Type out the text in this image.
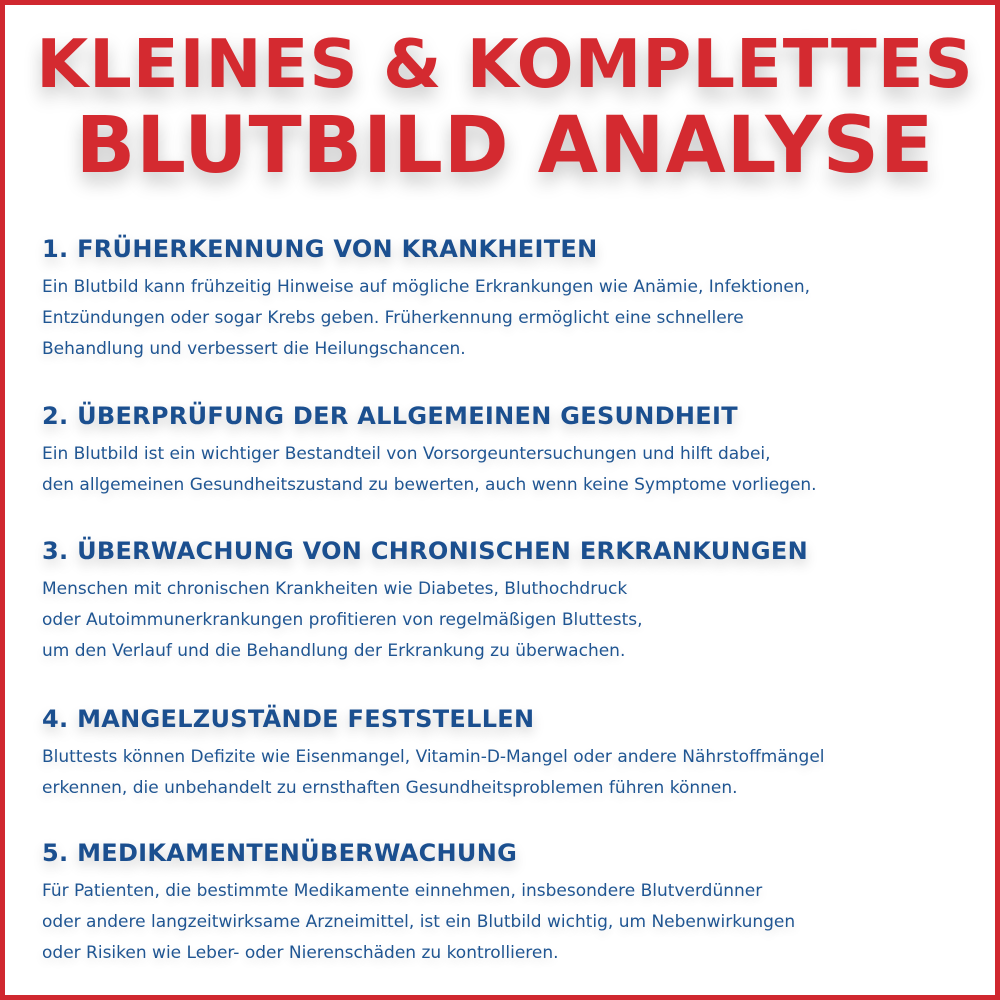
KLEINES & KOMPLETTES
BLUTBILD ANALYSE
1. FRÜHERKENNUNG VON KRANKHEITEN
Ein Blutbild kann frühzeitig Hinweise auf mögliche Erkrankungen wie Anämie, Infektionen,
Entzündungen oder sogar Krebs geben. Früherkennung ermöglicht eine schnellere
Behandlung und verbessert die Heilungschancen.
2. ÜBERPRÜFUNG DER ALLGEMEINEN GESUNDHEIT
Ein Blutbild ist ein wichtiger Bestandteil von Vorsorgeuntersuchungen und hilft dabei,
den allgemeinen Gesundheitszustand zu bewerten, auch wenn keine Symptome vorliegen.
3. ÜBERWACHUNG VON CHRONISCHEN ERKRANKUNGEN
Menschen mit chronischen Krankheiten wie Diabetes, Bluthochdruck
oder Autoimmunerkrankungen profitieren von regelmäßigen Bluttests,
um den Verlauf und die Behandlung der Erkrankung zu überwachen.
4. MANGELZUSTÄNDE FESTSTELLEN
Bluttests können Defizite wie Eisenmangel, Vitamin-D-Mangel oder andere Nährstoffmängel
erkennen, die unbehandelt zu ernsthaften Gesundheitsproblemen führen können.
5. MEDIKAMENTENÜBERWACHUNG
Für Patienten, die bestimmte Medikamente einnehmen, insbesondere Blutverdünner
oder andere langzeitwirksame Arzneimittel, ist ein Blutbild wichtig, um Nebenwirkungen
oder Risiken wie Leber- oder Nierenschäden zu kontrollieren.
